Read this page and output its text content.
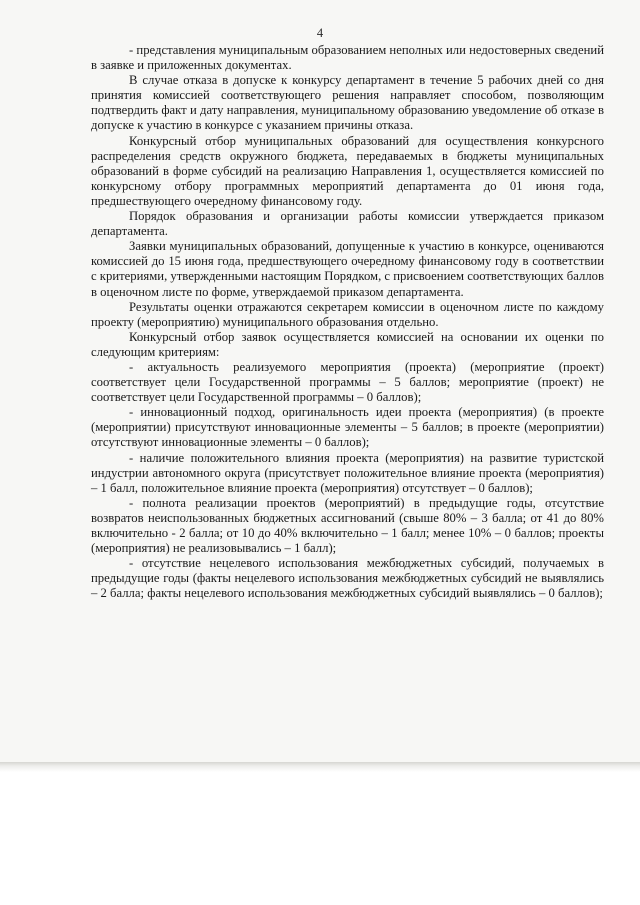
4

- представления муниципальным образованием неполных или недостоверных сведений в заявке и приложенных документах.

В случае отказа в допуске к конкурсу департамент в течение 5 рабочих дней со дня принятия комиссией соответствующего решения направляет способом, позволяющим подтвердить факт и дату направления, муниципальному образованию уведомление об отказе в допуске к участию в конкурсе с указанием причины отказа.

Конкурсный отбор муниципальных образований для осуществления конкурсного распределения средств окружного бюджета, передаваемых в бюджеты муниципальных образований в форме субсидий на реализацию Направления 1, осуществляется комиссией по конкурсному отбору программных мероприятий департамента до 01 июня года, предшествующего очередному финансовому году.

Порядок образования и организации работы комиссии утверждается приказом департамента.

Заявки муниципальных образований, допущенные к участию в конкурсе, оцениваются комиссией до 15 июня года, предшествующего очередному финансовому году в соответствии с критериями, утвержденными настоящим Порядком, с присвоением соответствующих баллов в оценочном листе по форме, утверждаемой приказом департамента.

Результаты оценки отражаются секретарем комиссии в оценочном листе по каждому проекту (мероприятию) муниципального образования отдельно.

Конкурсный отбор заявок осуществляется комиссией на основании их оценки по следующим критериям:

- актуальность реализуемого мероприятия (проекта) (мероприятие (проект) соответствует цели Государственной программы – 5 баллов; мероприятие (проект) не соответствует цели Государственной программы – 0 баллов);

- инновационный подход, оригинальность идеи проекта (мероприятия) (в проекте (мероприятии) присутствуют инновационные элементы – 5 баллов; в проекте (мероприятии) отсутствуют инновационные элементы – 0 баллов);

- наличие положительного влияния проекта (мероприятия) на развитие туристской индустрии автономного округа (присутствует положительное влияние проекта (мероприятия) – 1 балл, положительное влияние проекта (мероприятия) отсутствует – 0 баллов);

- полнота реализации проектов (мероприятий) в предыдущие годы, отсутствие возвратов неиспользованных бюджетных ассигнований (свыше 80% – 3 балла; от 41 до 80% включительно - 2 балла; от 10 до 40% включительно – 1 балл; менее 10% – 0 баллов; проекты (мероприятия) не реализовывались – 1 балл);

- отсутствие нецелевого использования межбюджетных субсидий, получаемых в предыдущие годы (факты нецелевого использования межбюджетных субсидий не выявлялись – 2 балла; факты нецелевого использования межбюджетных субсидий выявлялись – 0 баллов);
